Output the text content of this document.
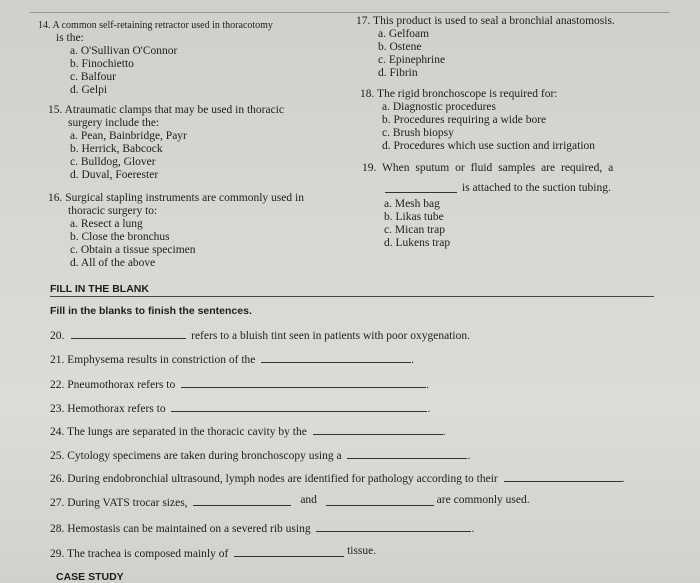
14. A common self-retaining retractor used in thoracotomy
is the:
a. O'Sullivan O'Connor
b. Finochietto
c. Balfour
d. Gelpi
15. Atraumatic clamps that may be used in thoracic
surgery include the:
a. Pean, Bainbridge, Payr
b. Herrick, Babcock
c. Bulldog, Glover
d. Duval, Foerester
16. Surgical stapling instruments are commonly used in
thoracic surgery to:
a. Resect a lung
b. Close the bronchus
c. Obtain a tissue specimen
d. All of the above
17. This product is used to seal a bronchial anastomosis.
a. Gelfoam
b. Ostene
c. Epinephrine
d. Fibrin
18. The rigid bronchoscope is required for:
a. Diagnostic procedures
b. Procedures requiring a wide bore
c. Brush biopsy
d. Procedures which use suction and irrigation
19. When sputum or fluid samples are required, a
is attached to the suction tubing.
a. Mesh bag
b. Likas tube
c. Mican trap
d. Lukens trap
FILL IN THE BLANK
Fill in the blanks to finish the sentences.
20.	refers to a bluish tint seen in patients with poor oxygenation.
21. Emphysema results in constriction of the	.
22. Pneumothorax refers to	.
23. Hemothorax refers to	.
24. The lungs are separated in the thoracic cavity by the	.
25. Cytology specimens are taken during bronchoscopy using a	.
26. During endobronchial ultrasound, lymph nodes are identified for pathology according to their	.
27. During VATS trocar sizes,	and	are commonly used.
28. Hemostasis can be maintained on a severed rib using	.
29. The trachea is composed mainly of	tissue.
CASE STUDY
